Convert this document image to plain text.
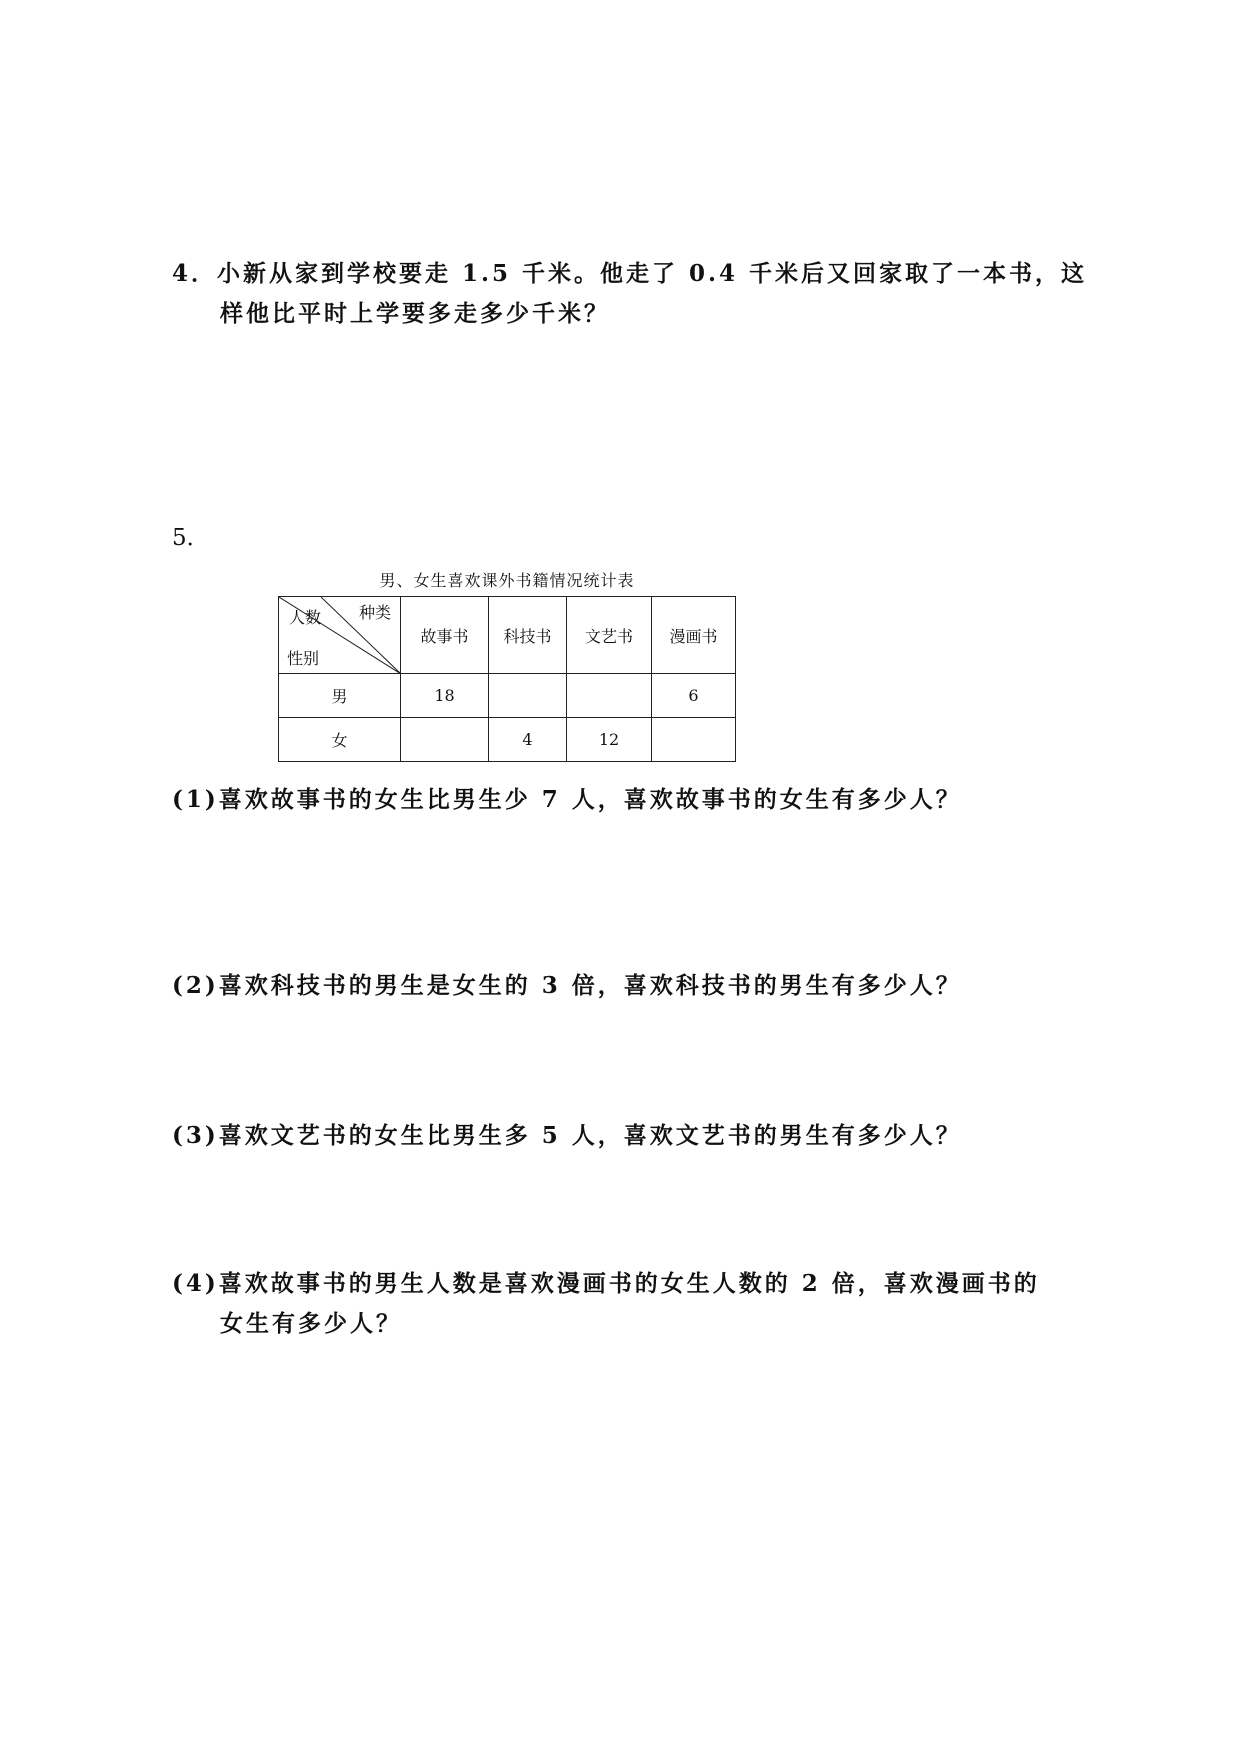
4．小新从家到学校要走 1.5 千米。他走了 0.4 千米后又回家取了一本书，这
样他比平时上学要多走多少千米？
5．
男、女生喜欢课外书籍情况统计表
人数 种类
性别	故事书	科技书	文艺书	漫画书
男	18			6
女		4	12	
(1)喜欢故事书的女生比男生少 7 人，喜欢故事书的女生有多少人？
(2)喜欢科技书的男生是女生的 3 倍，喜欢科技书的男生有多少人？
(3)喜欢文艺书的女生比男生多 5 人，喜欢文艺书的男生有多少人？
(4)喜欢故事书的男生人数是喜欢漫画书的女生人数的 2 倍，喜欢漫画书的
女生有多少人？
